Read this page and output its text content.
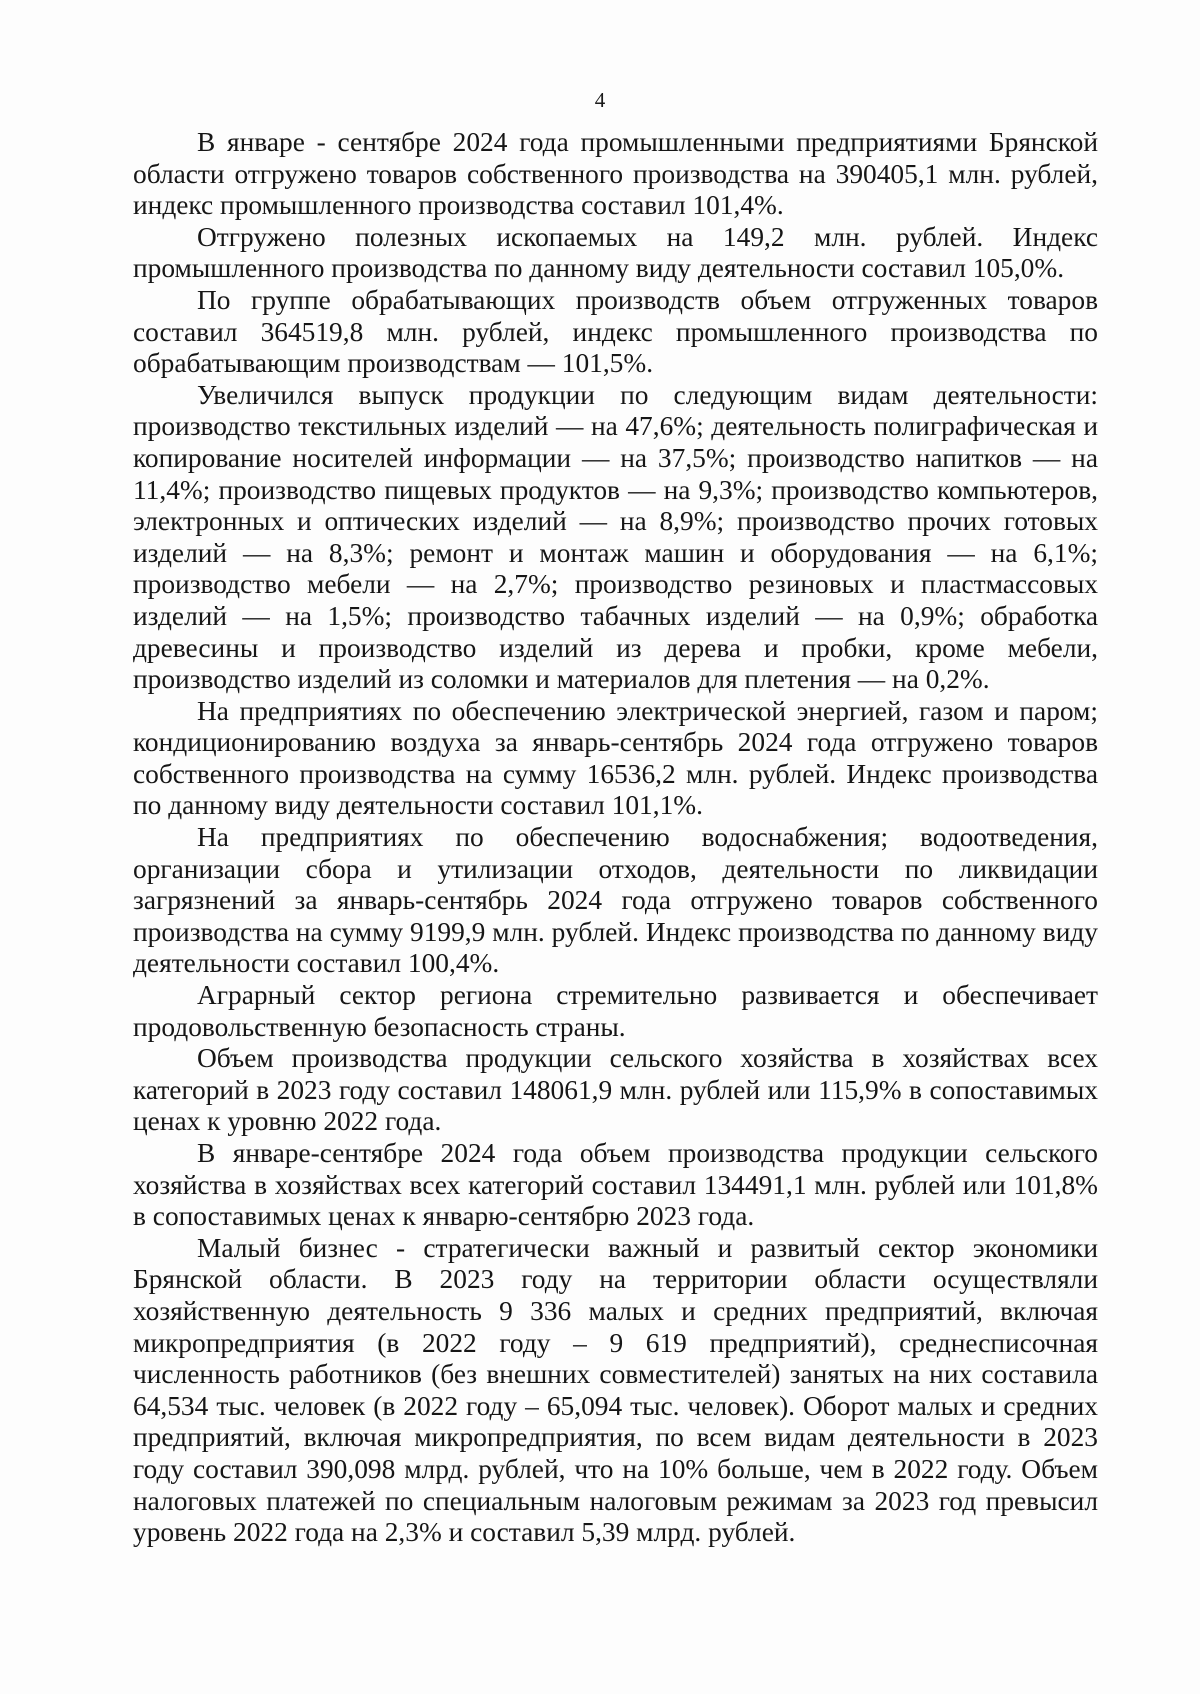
4

В январе - сентябре 2024 года промышленными предприятиями Брянской области отгружено товаров собственного производства на 390405,1 млн. рублей, индекс промышленного производства составил 101,4%.

Отгружено полезных ископаемых на 149,2 млн. рублей. Индекс промышленного производства по данному виду деятельности составил 105,0%.

По группе обрабатывающих производств объем отгруженных товаров составил 364519,8 млн. рублей, индекс промышленного производства по обрабатывающим производствам — 101,5%.

Увеличился выпуск продукции по следующим видам деятельности: производство текстильных изделий — на 47,6%; деятельность полиграфическая и копирование носителей информации — на 37,5%; производство напитков — на 11,4%; производство пищевых продуктов — на 9,3%; производство компьютеров, электронных и оптических изделий — на 8,9%; производство прочих готовых изделий — на 8,3%; ремонт и монтаж машин и оборудования — на 6,1%; производство мебели — на 2,7%; производство резиновых и пластмассовых изделий — на 1,5%; производство табачных изделий — на 0,9%; обработка древесины и производство изделий из дерева и пробки, кроме мебели, производство изделий из соломки и материалов для плетения — на 0,2%.

На предприятиях по обеспечению электрической энергией, газом и паром; кондиционированию воздуха за январь-сентябрь 2024 года отгружено товаров собственного производства на сумму 16536,2 млн. рублей. Индекс производства по данному виду деятельности составил 101,1%.

На предприятиях по обеспечению водоснабжения; водоотведения, организации сбора и утилизации отходов, деятельности по ликвидации загрязнений за январь-сентябрь 2024 года отгружено товаров собственного производства на сумму 9199,9 млн. рублей. Индекс производства по данному виду деятельности составил 100,4%.

Аграрный сектор региона стремительно развивается и обеспечивает продовольственную безопасность страны.

Объем производства продукции сельского хозяйства в хозяйствах всех категорий в 2023 году составил 148061,9 млн. рублей или 115,9% в сопоставимых ценах к уровню 2022 года.

В январе-сентябре 2024 года объем производства продукции сельского хозяйства в хозяйствах всех категорий составил 134491,1 млн. рублей или 101,8% в сопоставимых ценах к январю-сентябрю 2023 года.

Малый бизнес - стратегически важный и развитый сектор экономики Брянской области. В 2023 году на территории области осуществляли хозяйственную деятельность 9 336 малых и средних предприятий, включая микропредприятия (в 2022 году – 9 619 предприятий), среднесписочная численность работников (без внешних совместителей) занятых на них составила 64,534 тыс. человек (в 2022 году – 65,094 тыс. человек). Оборот малых и средних предприятий, включая микропредприятия, по всем видам деятельности в 2023 году составил 390,098 млрд. рублей, что на 10% больше, чем в 2022 году. Объем налоговых платежей по специальным налоговым режимам за 2023 год превысил уровень 2022 года на 2,3% и составил 5,39 млрд. рублей.
